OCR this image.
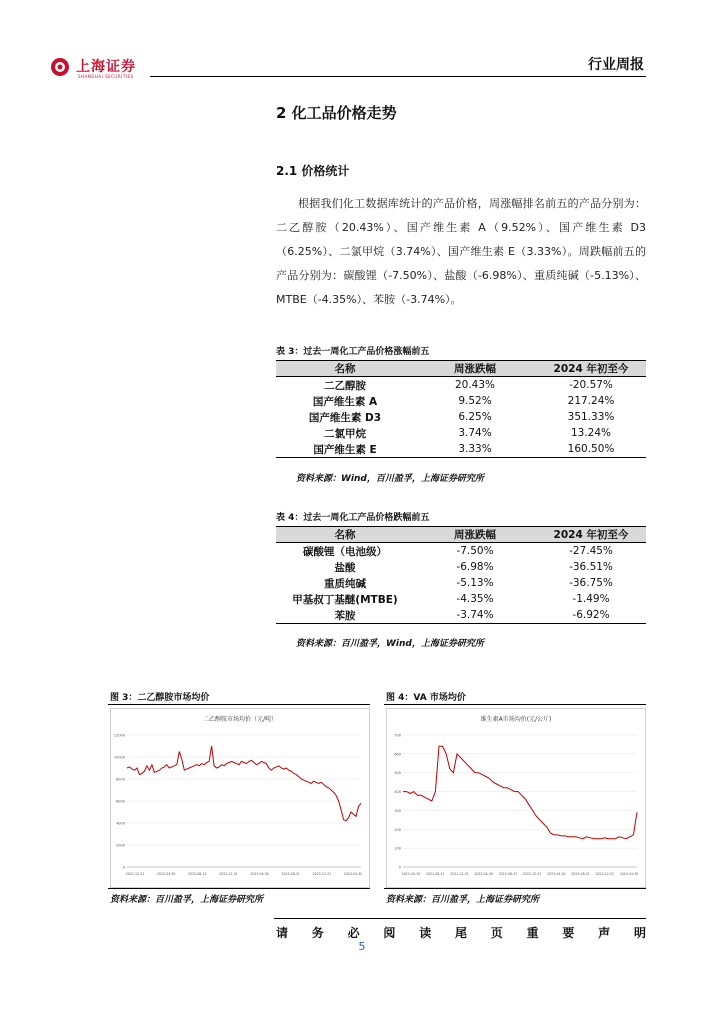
上海证券
SHANGHAI SECURITIES
行业周报
2 化工品价格走势
2.1 价格统计
根据我们化工数据库统计的产品价格，周涨幅排名前五的产品分别为：二乙醇胺（20.43%）、国产维生素 A（9.52%）、国产维生素 D3（6.25%）、二氯甲烷（3.74%）、国产维生素 E（3.33%）。周跌幅前五的产品分别为：碳酸锂（-7.50%）、盐酸（-6.98%）、重质纯碱（-5.13%）、MTBE（-4.35%）、苯胺（-3.74%）。
表 3：过去一周化工产品价格涨幅前五
名称	周涨跌幅	2024 年初至今
二乙醇胺	20.43%	-20.57%
国产维生素 A	9.52%	217.24%
国产维生素 D3	6.25%	351.33%
二氯甲烷	3.74%	13.24%
国产维生素 E	3.33%	160.50%
资料来源：Wind，百川盈孚，上海证券研究所
表 4：过去一周化工产品价格跌幅前五
名称	周涨跌幅	2024 年初至今
碳酸锂（电池级）	-7.50%	-27.45%
盐酸	-6.98%	-36.51%
重质纯碱	-5.13%	-36.75%
甲基叔丁基醚(MTBE)	-4.35%	-1.49%
苯胺	-3.74%	-6.92%
资料来源：百川盈孚，Wind，上海证券研究所
图 3：二乙醇胺市场均价
二乙醇胺市场均价（元/吨）
12000
10000
8000
6000
4000
2000
0
2021-12-31	2022-04-30	2022-08-31	2022-12-31	2023-04-30	2023-08-31	2023-12-31	2024-04-30
资料来源：百川盈孚，上海证券研究所
图 4：VA 市场均价
维生素A市场均价(元/公斤)
700
600
500
400
300
200
100
0
2021-04-30 2021-08-31 2021-12-31 2022-04-30 2022-08-31 2022-12-31 2023-04-30 2023-08-31 2023-12-31 2024-04-30
资料来源：百川盈孚，上海证券研究所
请 务 必 阅 读 尾 页 重 要 声 明
5
